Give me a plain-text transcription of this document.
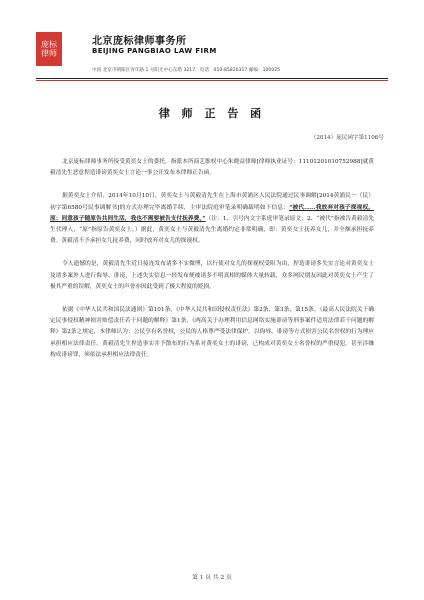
庞标律师
北京庞标律师事务所
BEIJING PANGBIAO LAW FIRM
中国 北京市朝阳区青年路 1 号阳光中心东塔 3217，电话：010-85820317 邮编：100025
律 师 正 告 函
（2014）庞民函字第1106号

北京庞标律师事务所接受黄奕女士的委托，指派本所演艺维权中心朱晓益律师[律师执业证号：11101201010752988]就黄毅清先生恶意捏造诽谤黄奕女士言论一事公开发布本律师正告函。

据黄奕女士介绍，2014年10月10日，黄奕女士与黄毅清先生在上海市黄浦区人民法院通过民事调解[2014黄浦民一（民）初字第6580号民事调解书]的方式办理完毕离婚手续，主审法院庭审笔录明确载明如下信息：“被代……我放弃对孩子探视权。原：同意孩子随原告共同生活，我也不需要被告支付抚养费。”（注：1、引号内文字系庭审笔录原文；2、“被代”指被告黄毅清先生代理人，“原”指原告黄奕女士。）据此，黄奕女士与黄毅清先生离婚约定非常明确，即：黄奕女士抚养女儿，并全额承担抚养费。黄毅清不予承担女儿抚养费，同时放弃对女儿的探视权。

令人遗憾的是，黄毅清先生近日接连发布诸多不实微博，以行使对女儿的探视权受阻为由，捏造诽谤多失实言论对黄奕女士及诸多案外人进行侮辱、诽谤，上述失实信息一经发布便被诸多不明真相的媒体大量转载，众多网民朋友因此对黄奕女士产生了极其严重的误解，黄奕女士的声誉亦因此受到了极大程度的贬损。

依据《中华人民共和国民法通则》第101条、《中华人民共和国侵权责任法》第2条、第3条、第15条、《最高人民法院关于确定民事侵权精神损害赔偿责任若干问题的解释》第1条，《两高关于办理利用信息网络实施诽谤等刑事案件适用法律若干问题的解释》第2条之规定，本律师认为：公民享有名誉权，公民的人格尊严受法律保护，以侮辱、诽谤等方式损害公民名誉权的行为理应承担相应法律责任。黄毅清先生捏造事实并予散布的行为系对黄奕女士的诽谤，已构成对黄奕女士名誉权的严重侵犯，甚至涉嫌构成诽谤罪，须依法承担相应法律责任。

第 1 页 共 2 页
